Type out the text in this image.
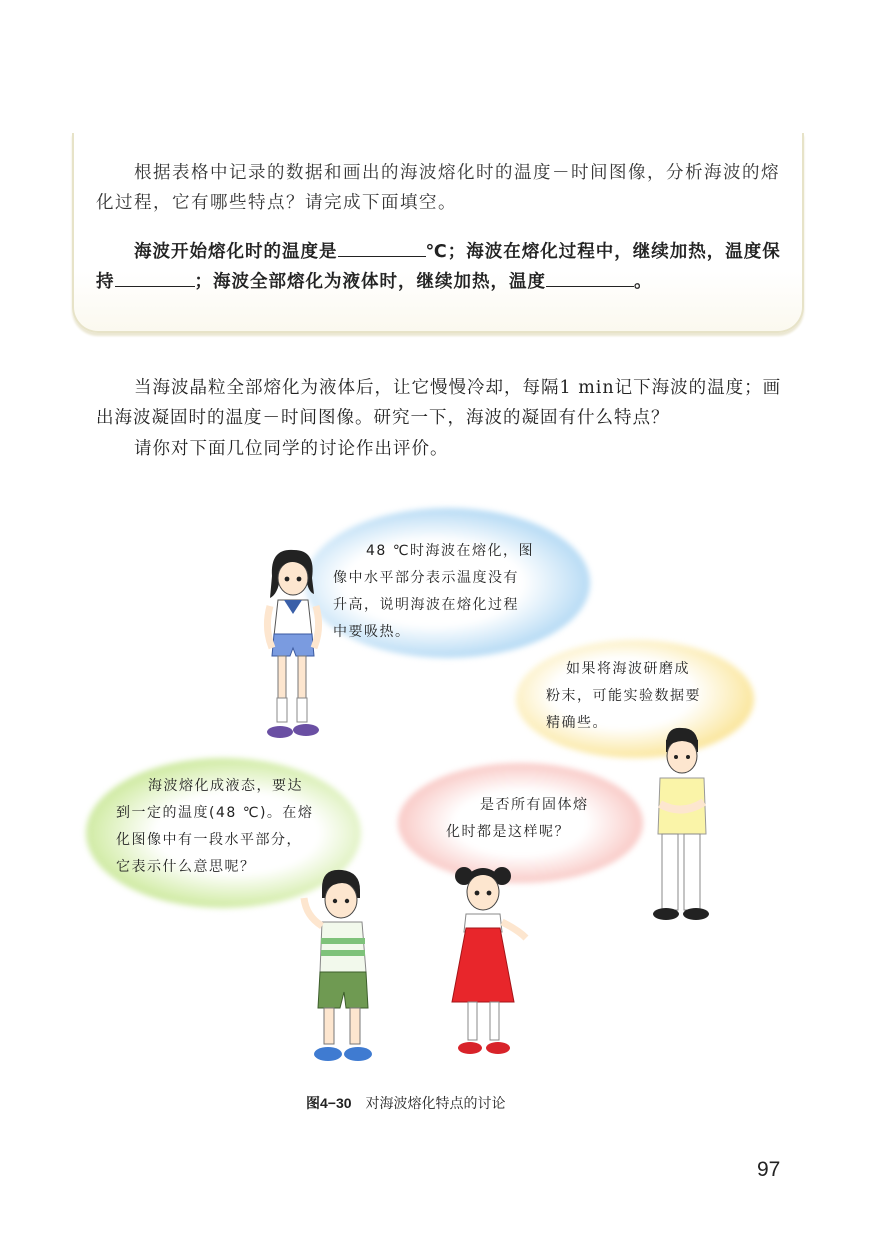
根据表格中记录的数据和画出的海波熔化时的温度－时间图像，分析海波的熔化过程，它有哪些特点？请完成下面填空。
海波开始熔化时的温度是	℃；海波在熔化过程中，继续加热，温度保持	；海波全部熔化为液体时，继续加热，温度	。
当海波晶粒全部熔化为液体后，让它慢慢冷却，每隔1 min记下海波的温度；画出海波凝固时的温度－时间图像。研究一下，海波的凝固有什么特点？
请你对下面几位同学的讨论作出评价。
48 ℃时海波在熔化，图
像中水平部分表示温度没有
升高，说明海波在熔化过程
中要吸热。
如果将海波研磨成
粉末，可能实验数据要
精确些。
海波熔化成液态，要达
到一定的温度(48 ℃)。在熔
化图像中有一段水平部分，
它表示什么意思呢？
是否所有固体熔
化时都是这样呢？
图4−30 对海波熔化特点的讨论
97
